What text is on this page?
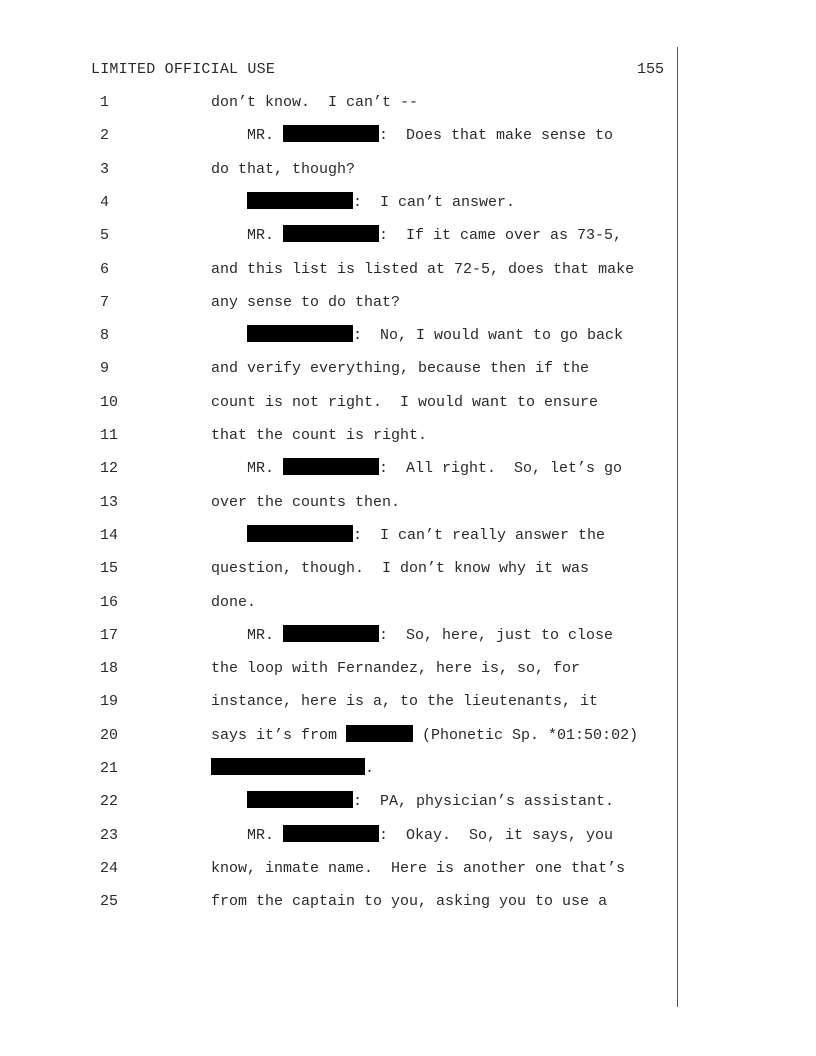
LIMITED OFFICIAL USE	155
1	don’t know.  I can’t --
2	MR.	:  Does that make sense to
3	do that, though?
4	:  I can’t answer.
5	MR.	:  If it came over as 73-5,
6	and this list is listed at 72-5, does that make
7	any sense to do that?
8	:  No, I would want to go back
9	and verify everything, because then if the
10	count is not right.  I would want to ensure
11	that the count is right.
12	MR.	:  All right.  So, let’s go
13	over the counts then.
14	:  I can’t really answer the
15	question, though.  I don’t know why it was
16	done.
17	MR.	:  So, here, just to close
18	the loop with Fernandez, here is, so, for
19	instance, here is a, to the lieutenants, it
20	says it’s from	(Phonetic Sp. *01:50:02)
21	.
22	:  PA, physician’s assistant.
23	MR.	:  Okay.  So, it says, you
24	know, inmate name.  Here is another one that’s
25	from the captain to you, asking you to use a
